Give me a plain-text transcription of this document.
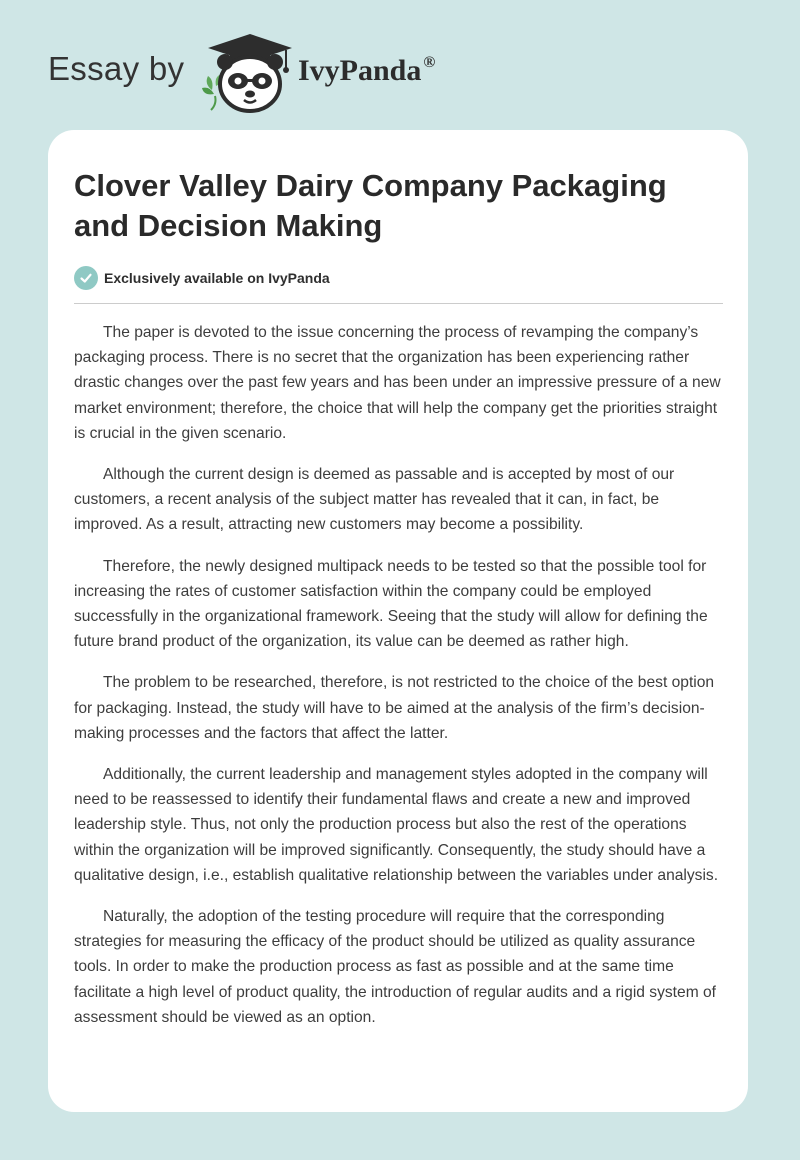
Essay by	IvyPanda ®
Clover Valley Dairy Company Packaging and Decision Making
Exclusively available on IvyPanda

The paper is devoted to the issue concerning the process of revamping the company’s packaging process. There is no secret that the organization has been experiencing rather drastic changes over the past few years and has been under an impressive pressure of a new market environment; therefore, the choice that will help the company get the priorities straight is crucial in the given scenario.

Although the current design is deemed as passable and is accepted by most of our customers, a recent analysis of the subject matter has revealed that it can, in fact, be improved. As a result, attracting new customers may become a possibility.

Therefore, the newly designed multipack needs to be tested so that the possible tool for increasing the rates of customer satisfaction within the company could be employed successfully in the organizational framework. Seeing that the study will allow for defining the future brand product of the organization, its value can be deemed as rather high.

The problem to be researched, therefore, is not restricted to the choice of the best option for packaging. Instead, the study will have to be aimed at the analysis of the firm’s decision-making processes and the factors that affect the latter.

Additionally, the current leadership and management styles adopted in the company will need to be reassessed to identify their fundamental flaws and create a new and improved leadership style. Thus, not only the production process but also the rest of the operations within the organization will be improved significantly. Consequently, the study should have a qualitative design, i.e., establish qualitative relationship between the variables under analysis.

Naturally, the adoption of the testing procedure will require that the corresponding strategies for measuring the efficacy of the product should be utilized as quality assurance tools. In order to make the production process as fast as possible and at the same time facilitate a high level of product quality, the introduction of regular audits and a rigid system of assessment should be viewed as an option.
